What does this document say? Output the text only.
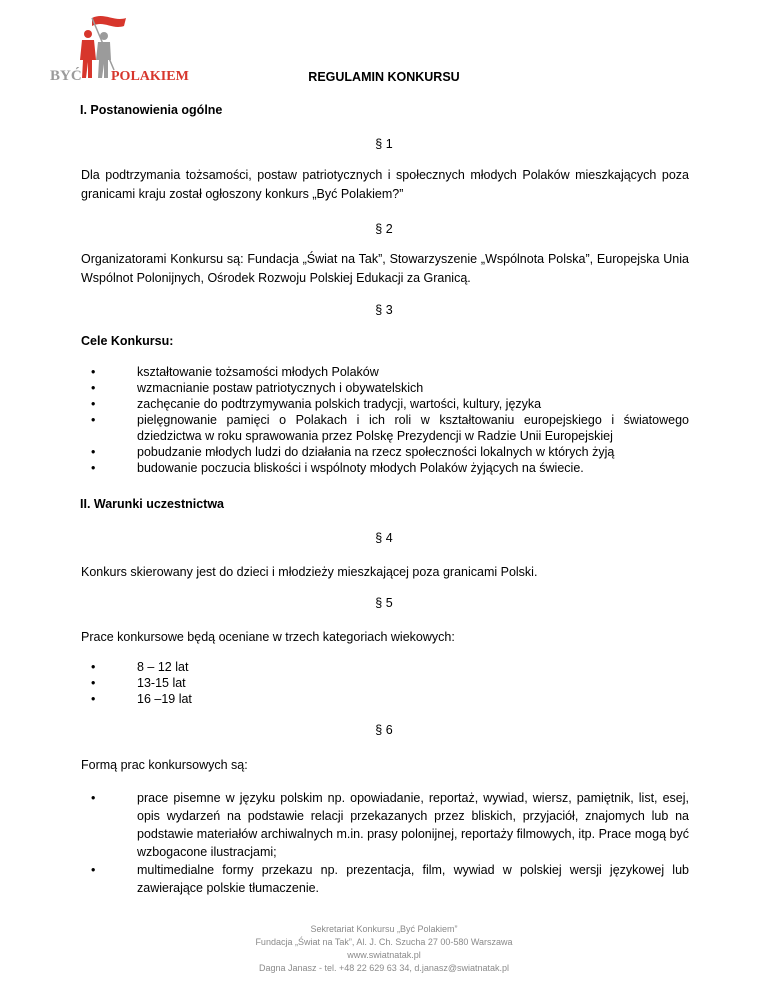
BYĆ POLAKIEM	REGULAMIN KONKURSU
I. Postanowienia ogólne
§ 1
Dla podtrzymania tożsamości, postaw patriotycznych i społecznych młodych Polaków mieszkających poza granicami kraju został ogłoszony konkurs „Być Polakiem?”
§ 2
Organizatorami Konkursu są: Fundacja „Świat na Tak”, Stowarzyszenie „Wspólnota Polska”, Europejska Unia Wspólnot Polonijnych, Ośrodek Rozwoju Polskiej Edukacji za Granicą.
§ 3
Cele Konkursu:
•	kształtowanie tożsamości młodych Polaków
•	wzmacnianie postaw patriotycznych i obywatelskich
•	zachęcanie do podtrzymywania polskich tradycji, wartości, kultury, języka
•	pielęgnowanie pamięci o Polakach i ich roli w kształtowaniu europejskiego i światowego dziedzictwa w roku sprawowania przez Polskę Prezydencji w Radzie Unii Europejskiej
•	pobudzanie młodych ludzi do działania na rzecz społeczności lokalnych w których żyją
•	budowanie poczucia bliskości i wspólnoty młodych Polaków żyjących na świecie.
II. Warunki uczestnictwa
§ 4
Konkurs skierowany jest do dzieci i młodzieży mieszkającej poza granicami Polski.
§ 5
Prace konkursowe będą oceniane w trzech kategoriach wiekowych:
•	8 – 12 lat
•	13-15 lat
•	16 –19 lat
§ 6
Formą prac konkursowych są:
•	prace pisemne w języku polskim np. opowiadanie, reportaż, wywiad, wiersz, pamiętnik, list, esej, opis wydarzeń na podstawie relacji przekazanych przez bliskich, przyjaciół, znajomych lub na podstawie materiałów archiwalnych m.in. prasy polonijnej, reportaży filmowych, itp. Prace mogą być wzbogacone ilustracjami;
•	multimedialne formy przekazu np. prezentacja, film, wywiad w polskiej wersji językowej lub zawierające polskie tłumaczenie.
Sekretariat Konkursu „Być Polakiem”
Fundacja „Świat na Tak”, Al. J. Ch. Szucha 27 00-580 Warszawa
www.swiatnatak.pl
Dagna Janasz - tel. +48 22 629 63 34, d.janasz@swiatnatak.pl
